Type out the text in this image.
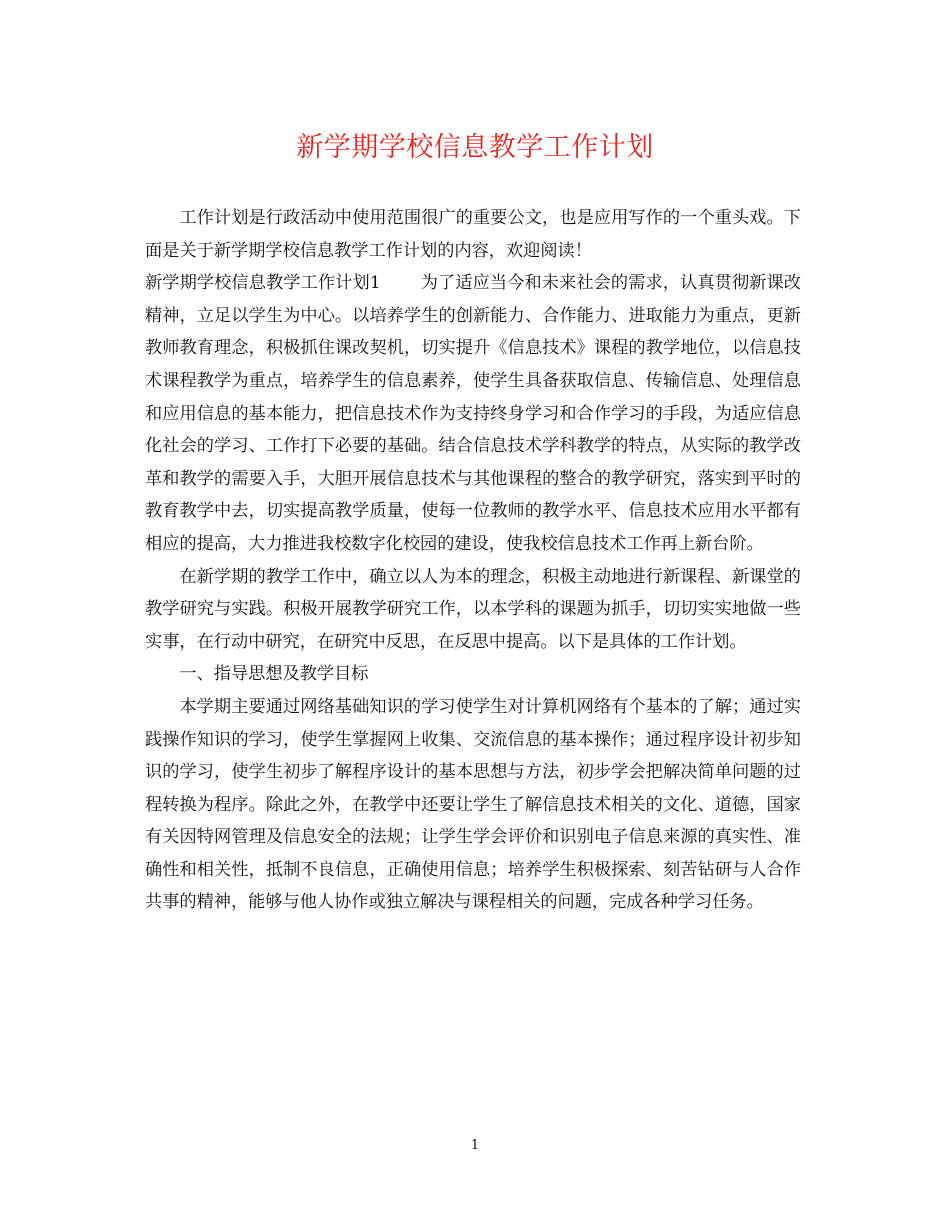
新学期学校信息教学工作计划

工作计划是行政活动中使用范围很广的重要公文，也是应用写作的一个重头戏。下面是关于新学期学校信息教学工作计划的内容，欢迎阅读！

新学期学校信息教学工作计划1 为了适应当今和未来社会的需求，认真贯彻新课改精神，立足以学生为中心。以培养学生的创新能力、合作能力、进取能力为重点，更新教师教育理念，积极抓住课改契机，切实提升《信息技术》课程的教学地位，以信息技术课程教学为重点，培养学生的信息素养，使学生具备获取信息、传输信息、处理信息和应用信息的基本能力，把信息技术作为支持终身学习和合作学习的手段，为适应信息化社会的学习、工作打下必要的基础。结合信息技术学科教学的特点，从实际的教学改革和教学的需要入手，大胆开展信息技术与其他课程的整合的教学研究，落实到平时的教育教学中去，切实提高教学质量，使每一位教师的教学水平、信息技术应用水平都有相应的提高，大力推进我校数字化校园的建设，使我校信息技术工作再上新台阶。

在新学期的教学工作中，确立以人为本的理念，积极主动地进行新课程、新课堂的教学研究与实践。积极开展教学研究工作，以本学科的课题为抓手，切切实实地做一些实事，在行动中研究，在研究中反思，在反思中提高。以下是具体的工作计划。

一、指导思想及教学目标

本学期主要通过网络基础知识的学习使学生对计算机网络有个基本的了解；通过实践操作知识的学习，使学生掌握网上收集、交流信息的基本操作；通过程序设计初步知识的学习，使学生初步了解程序设计的基本思想与方法，初步学会把解决简单问题的过程转换为程序。除此之外，在教学中还要让学生了解信息技术相关的文化、道德，国家有关因特网管理及信息安全的法规；让学生学会评价和识别电子信息来源的真实性、准确性和相关性，抵制不良信息，正确使用信息；培养学生积极探索、刻苦钻研与人合作共事的精神，能够与他人协作或独立解决与课程相关的问题，完成各种学习任务。

1
